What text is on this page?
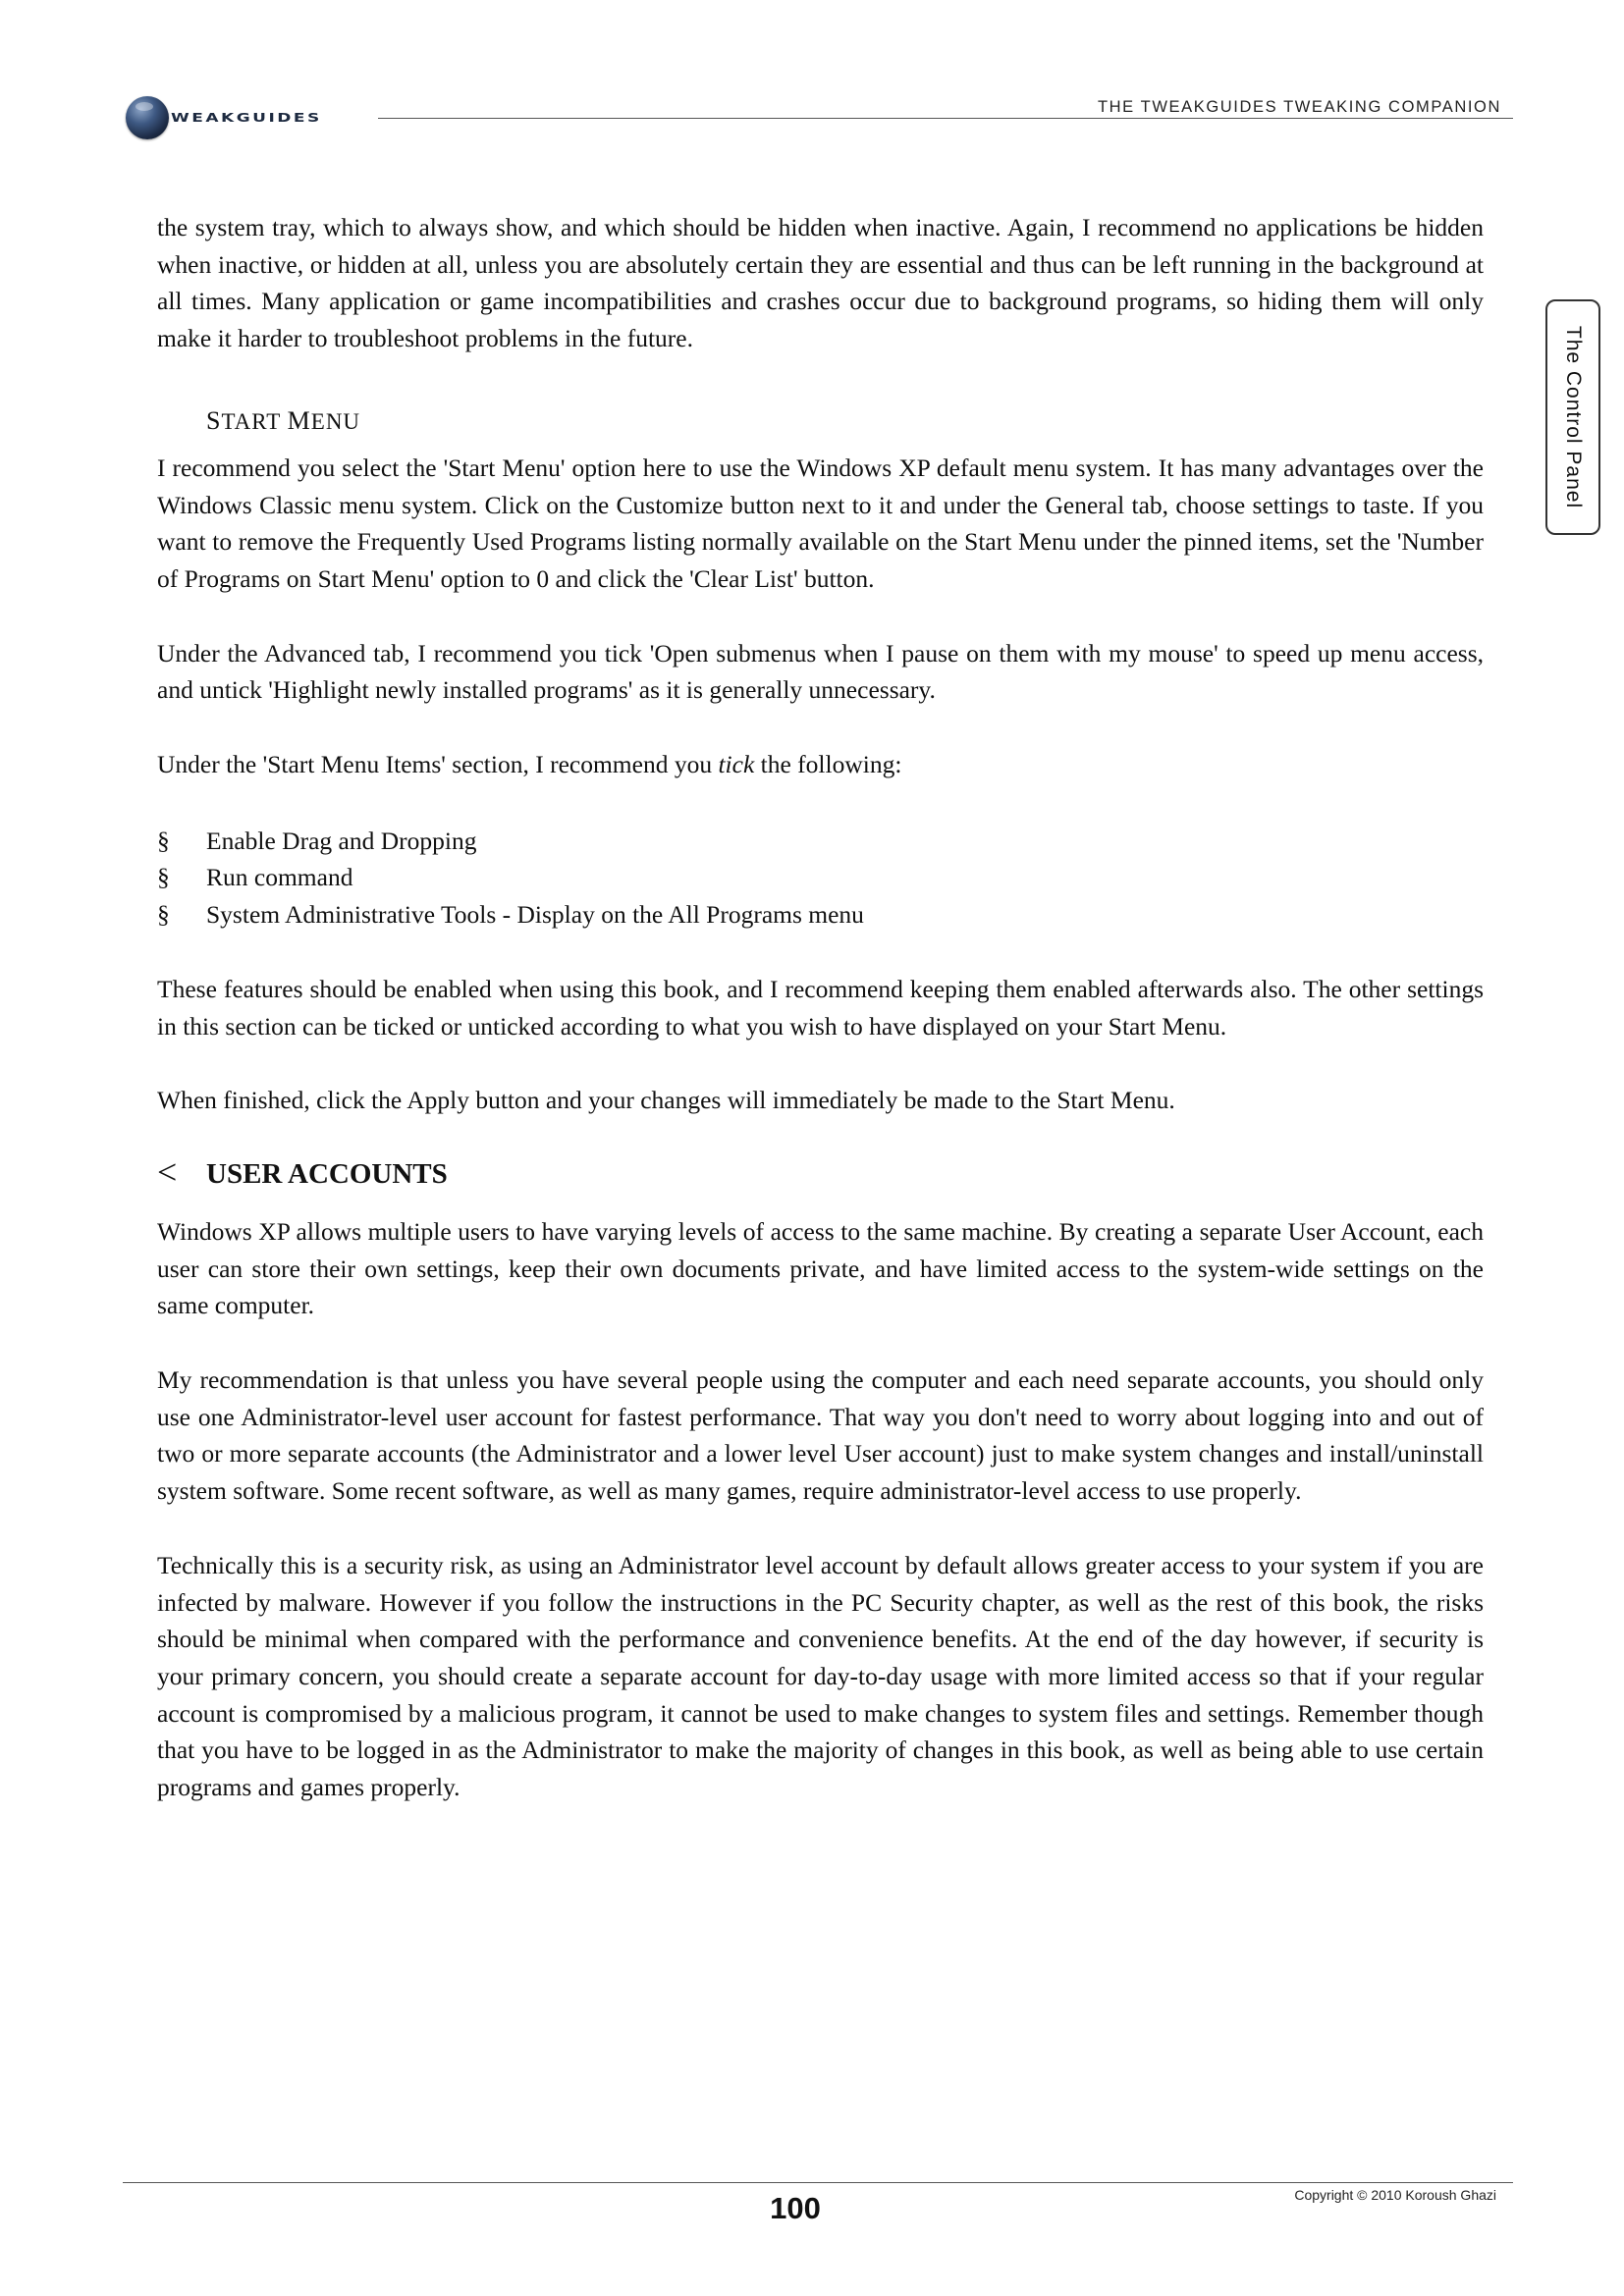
WEAKGUIDES
THE TWEAKGUIDES TWEAKING COMPANION
The Control Panel

the system tray, which to always show, and which should be hidden when inactive. Again, I recommend no applications be hidden when inactive, or hidden at all, unless you are absolutely certain they are essential and thus can be left running in the background at all times. Many application or game incompatibilities and crashes occur due to background programs, so hiding them will only make it harder to troubleshoot problems in the future.

START MENU

I recommend you select the 'Start Menu' option here to use the Windows XP default menu system. It has many advantages over the Windows Classic menu system. Click on the Customize button next to it and under the General tab, choose settings to taste. If you want to remove the Frequently Used Programs listing normally available on the Start Menu under the pinned items, set the 'Number of Programs on Start Menu' option to 0 and click the 'Clear List' button.

Under the Advanced tab, I recommend you tick 'Open submenus when I pause on them with my mouse' to speed up menu access, and untick 'Highlight newly installed programs' as it is generally unnecessary.

Under the 'Start Menu Items' section, I recommend you tick the following:

§	Enable Drag and Dropping
§	Run command
§	System Administrative Tools - Display on the All Programs menu

These features should be enabled when using this book, and I recommend keeping them enabled afterwards also. The other settings in this section can be ticked or unticked according to what you wish to have displayed on your Start Menu.

When finished, click the Apply button and your changes will immediately be made to the Start Menu.

<	USER ACCOUNTS

Windows XP allows multiple users to have varying levels of access to the same machine. By creating a separate User Account, each user can store their own settings, keep their own documents private, and have limited access to the system-wide settings on the same computer.

My recommendation is that unless you have several people using the computer and each need separate accounts, you should only use one Administrator-level user account for fastest performance. That way you don't need to worry about logging into and out of two or more separate accounts (the Administrator and a lower level User account) just to make system changes and install/uninstall system software. Some recent software, as well as many games, require administrator-level access to use properly.

Technically this is a security risk, as using an Administrator level account by default allows greater access to your system if you are infected by malware. However if you follow the instructions in the PC Security chapter, as well as the rest of this book, the risks should be minimal when compared with the performance and convenience benefits. At the end of the day however, if security is your primary concern, you should create a separate account for day-to-day usage with more limited access so that if your regular account is compromised by a malicious program, it cannot be used to make changes to system files and settings. Remember though that you have to be logged in as the Administrator to make the majority of changes in this book, as well as being able to use certain programs and games properly.

100	Copyright © 2010 Koroush Ghazi
